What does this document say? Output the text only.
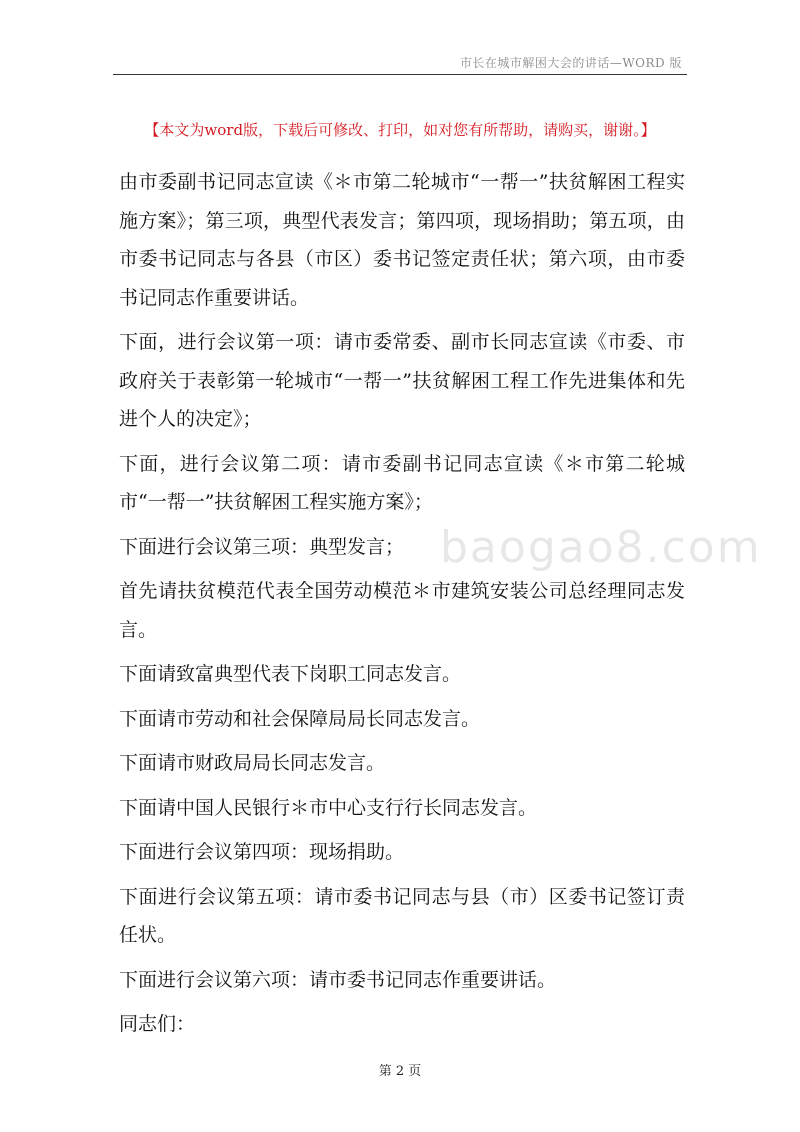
市长在城市解困大会的讲话—WORD 版
【本文为word版，下载后可修改、打印，如对您有所帮助，请购买，谢谢。】

由市委副书记同志宣读《＊市第二轮城市“一帮一”扶贫解困工程实施方案》；第三项，典型代表发言；第四项，现场捐助；第五项，由市委书记同志与各县（市区）委书记签定责任状；第六项，由市委书记同志作重要讲话。

下面，进行会议第一项：请市委常委、副市长同志宣读《市委、市政府关于表彰第一轮城市“一帮一”扶贫解困工程工作先进集体和先进个人的决定》；

下面，进行会议第二项：请市委副书记同志宣读《＊市第二轮城市“一帮一”扶贫解困工程实施方案》；

下面进行会议第三项：典型发言；

首先请扶贫模范代表全国劳动模范＊市建筑安装公司总经理同志发言。

下面请致富典型代表下岗职工同志发言。

下面请市劳动和社会保障局局长同志发言。

下面请市财政局局长同志发言。

下面请中国人民银行＊市中心支行行长同志发言。

下面进行会议第四项：现场捐助。

下面进行会议第五项：请市委书记同志与县（市）区委书记签订责任状。

下面进行会议第六项：请市委书记同志作重要讲话。

同志们：

baogao8.com
第 2 页
